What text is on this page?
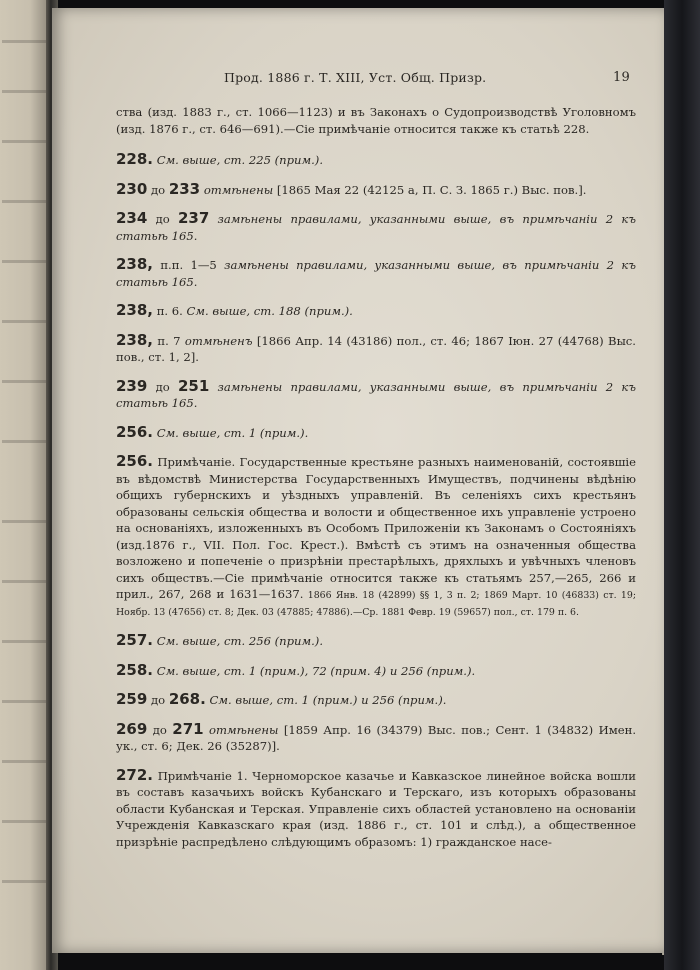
Прод. 1886 г. Т. XIII, Уст. Общ. Призр.	19

ства (изд. 1883 г., ст. 1066—1123) и въ Законахъ о Судопроизводствѣ Уголовномъ (изд. 1876 г., ст. 646—691).—Сіе примѣчаніе относится также къ статьѣ 228.

228. См. выше, ст. 225 (прим.).

230 до 233 отмѣнены [1865 Мая 22 (42125 а, П. С. З. 1865 г.) Выс. пов.].

234 до 237 замѣнены правилами, указанными выше, въ примѣчаніи 2 къ статьѣ 165.

238, п.п. 1—5 замѣнены правилами, указанными выше, въ примѣчаніи 2 къ статьѣ 165.

238, п. 6. См. выше, ст. 188 (прим.).

238, п. 7 отмѣненъ [1866 Апр. 14 (43186) пол., ст. 46; 1867 Іюн. 27 (44768) Выс. пов., ст. 1, 2].

239 до 251 замѣнены правилами, указанными выше, въ примѣчаніи 2 къ статьѣ 165.

256. См. выше, ст. 1 (прим.).

256. Примѣчаніе. Государственные крестьяне разныхъ наименованій, состоявшіе въ вѣдомствѣ Министерства Государственныхъ Имуществъ, подчинены вѣдѣнію общихъ губернскихъ и уѣздныхъ управленій. Въ селеніяхъ сихъ крестьянъ образованы сельскія общества и волости и общественное ихъ управленіе устроено на основаніяхъ, изложенныхъ въ Особомъ Приложеніи къ Законамъ о Состояніяхъ (изд.1876 г., VII. Пол. Гос. Крест.). Вмѣстѣ съ этимъ на означенныя общества возложено и попеченіе о призрѣніи престарѣлыхъ, дряхлыхъ и увѣчныхъ членовъ сихъ обществъ.—Сіе примѣчаніе относится также къ статьямъ 257,—265, 266 и прил., 267, 268 и 1631—1637. 1866 Янв. 18 (42899) §§ 1, 3 п. 2; 1869 Март. 10 (46833) ст. 19; Ноябр. 13 (47656) ст. 8; Дек. 03 (47885; 47886).—Ср. 1881 Февр. 19 (59657) пол., ст. 179 п. 6.

257. См. выше, ст. 256 (прим.).

258. См. выше, ст. 1 (прим.), 72 (прим. 4) и 256 (прим.).

259 до 268. См. выше, ст. 1 (прим.) и 256 (прим.).

269 до 271 отмѣнены [1859 Апр. 16 (34379) Выс. пов.; Сент. 1 (34832) Имен. ук., ст. 6; Дек. 26 (35287)].

272. Примѣчаніе 1. Черноморское казачье и Кавказское линейное войска вошли въ составъ казачьихъ войскъ Кубанскаго и Терскаго, изъ которыхъ образованы области Кубанская и Терская. Управленіе сихъ областей установлено на основаніи Учрежденія Кавказскаго края (изд. 1886 г., ст. 101 и слѣд.), а общественное призрѣніе распредѣлено слѣдующимъ образомъ: 1) гражданское насе-
